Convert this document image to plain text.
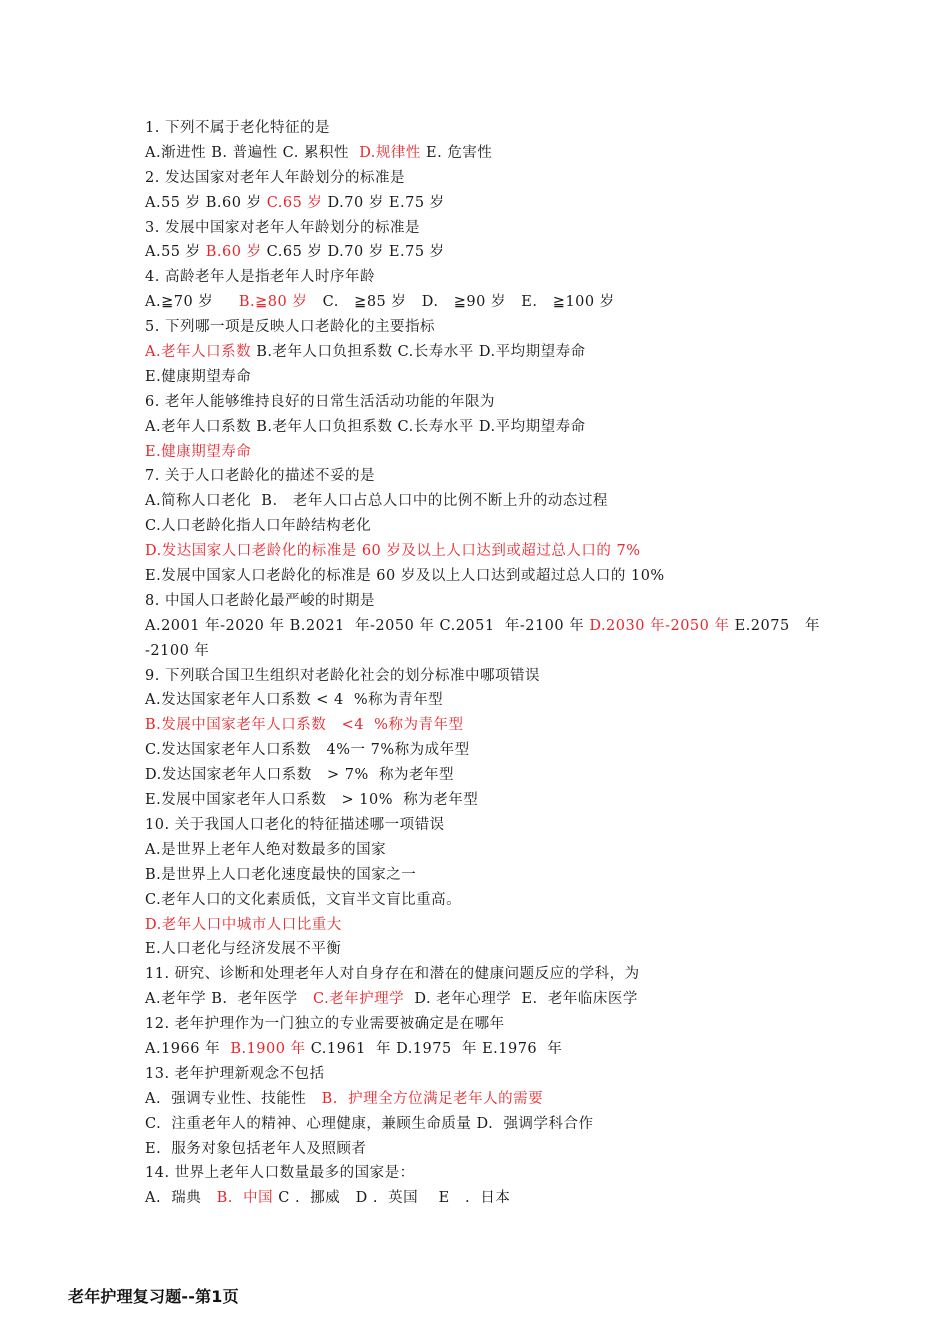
1. 下列不属于老化特征的是
A.渐进性 B. 普遍性 C. 累积性  D.规律性 E. 危害性
2. 发达国家对老年人年龄划分的标准是
A.55 岁 B.60 岁 C.65 岁 D.70 岁 E.75 岁
3. 发展中国家对老年人年龄划分的标准是
A.55 岁 B.60 岁 C.65 岁 D.70 岁 E.75 岁
4. 高龄老年人是指老年人时序年龄
A.≧70 岁     B.≧80 岁   C.   ≧85 岁   D.   ≧90 岁   E.   ≧100 岁
5. 下列哪一项是反映人口老龄化的主要指标
A.老年人口系数 B.老年人口负担系数 C.长寿水平 D.平均期望寿命
E.健康期望寿命
6. 老年人能够维持良好的日常生活活动功能的年限为
A.老年人口系数 B.老年人口负担系数 C.长寿水平 D.平均期望寿命
E.健康期望寿命
7. 关于人口老龄化的描述不妥的是
A.简称人口老化  B.   老年人口占总人口中的比例不断上升的动态过程
C.人口老龄化指人口年龄结构老化
D.发达国家人口老龄化的标准是 60 岁及以上人口达到或超过总人口的 7%
E.发展中国家人口老龄化的标准是 60 岁及以上人口达到或超过总人口的 10%
8. 中国人口老龄化最严峻的时期是
A.2001 年-2020 年 B.2021  年-2050 年 C.2051  年-2100 年 D.2030 年-2050 年 E.2075   年
-2100 年
9. 下列联合国卫生组织对老龄化社会的划分标准中哪项错误
A.发达国家老年人口系数 < 4  %称为青年型
B.发展中国家老年人口系数   <4  %称为青年型
C.发达国家老年人口系数   4%一 7%称为成年型
D.发达国家老年人口系数   > 7%  称为老年型
E.发展中国家老年人口系数   > 10%  称为老年型
10. 关于我国人口老化的特征描述哪一项错误
A.是世界上老年人绝对数最多的国家
B.是世界上人口老化速度最快的国家之一
C.老年人口的文化素质低，文盲半文盲比重高。
D.老年人口中城市人口比重大
E.人口老化与经济发展不平衡
11. 研究、诊断和处理老年人对自身存在和潜在的健康问题反应的学科，为
A.老年学 B.  老年医学   C.老年护理学  D. 老年心理学  E.  老年临床医学
12. 老年护理作为一门独立的专业需要被确定是在哪年
A.1966 年  B.1900 年 C.1961  年 D.1975  年 E.1976  年
13. 老年护理新观念不包括
A.  强调专业性、技能性   B.  护理全方位满足老年人的需要
C.  注重老年人的精神、心理健康，兼顾生命质量 D.  强调学科合作
E.  服务对象包括老年人及照顾者
14. 世界上老年人口数量最多的国家是：
A.  瑞典   B.  中国 C .  挪威   D .  英国    E   .  日本
老年护理复习题--第1页
